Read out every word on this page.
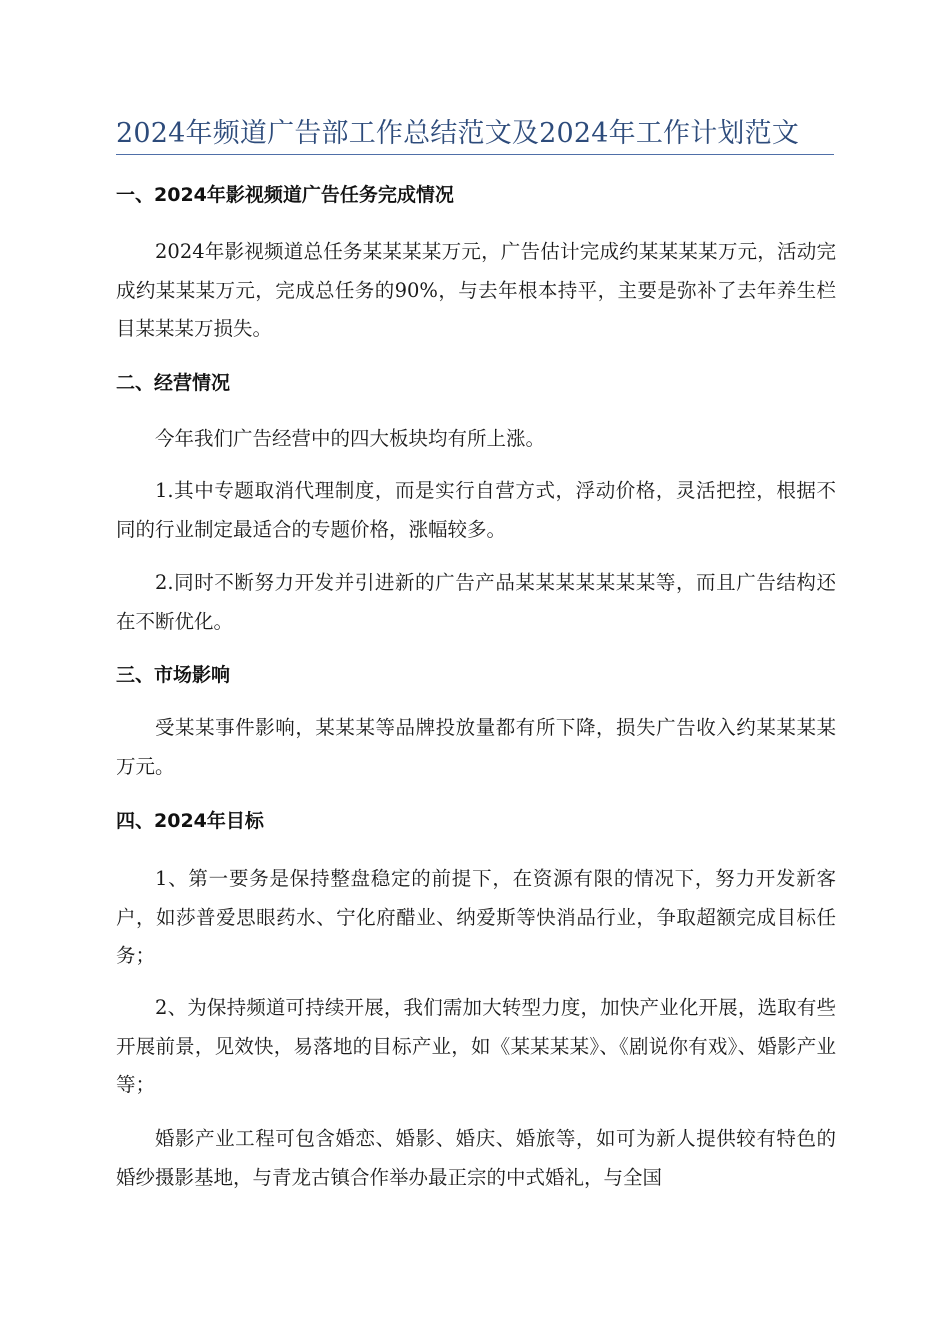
2024年频道广告部工作总结范文及2024年工作计划范文
一、2024年影视频道广告任务完成情况

2024年影视频道总任务某某某某万元，广告估计完成约某某某某万元，活动完成约某某某万元，完成总任务的90%，与去年根本持平，主要是弥补了去年养生栏目某某某万损失。

二、经营情况

今年我们广告经营中的四大板块均有所上涨。

1.其中专题取消代理制度，而是实行自营方式，浮动价格，灵活把控，根据不同的行业制定最适合的专题价格，涨幅较多。

2.同时不断努力开发并引进新的广告产品某某某某某某某等，而且广告结构还在不断优化。

三、市场影响

受某某事件影响，某某某等品牌投放量都有所下降，损失广告收入约某某某某万元。

四、2024年目标

1、第一要务是保持整盘稳定的前提下，在资源有限的情况下，努力开发新客户，如莎普爱思眼药水、宁化府醋业、纳爱斯等快消品行业，争取超额完成目标任务；

2、为保持频道可持续开展，我们需加大转型力度，加快产业化开展，选取有些开展前景，见效快，易落地的目标产业，如《某某某某》、《剧说你有戏》、婚影产业等；

婚影产业工程可包含婚恋、婚影、婚庆、婚旅等，如可为新人提供较有特色的婚纱摄影基地，与青龙古镇合作举办最正宗的中式婚礼，与全国
